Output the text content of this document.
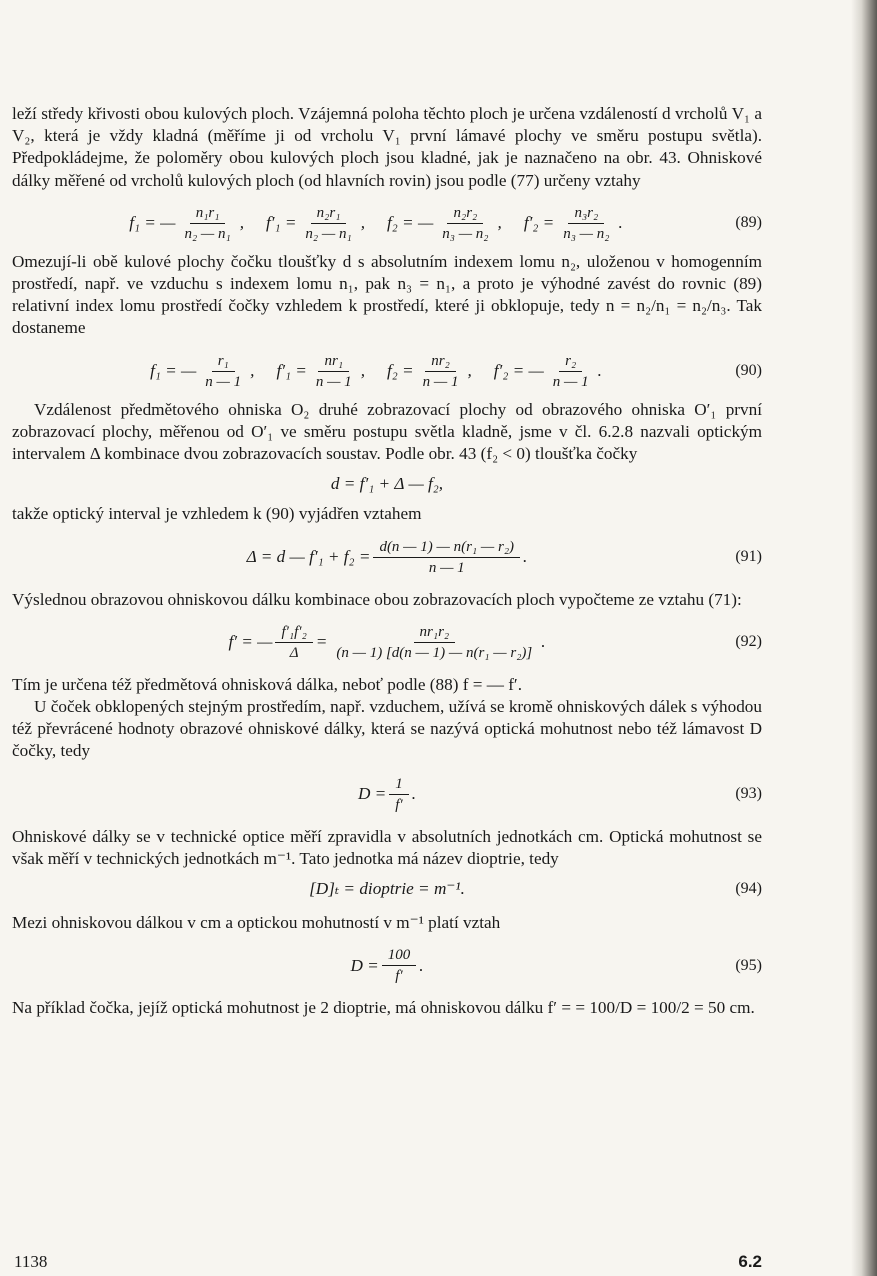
leží středy křivosti obou kulových ploch. Vzájemná poloha těchto ploch je určena vzdáleností d vrcholů V₁ a V₂, která je vždy kladná (měříme ji od vrcholu V₁ první lámavé plochy ve směru postupu světla). Předpokládejme, že poloměry obou kulových ploch jsou kladné, jak je naznačeno na obr. 43. Ohniskové dálky měřené od vrcholů kulových ploch (od hlavních rovin) jsou podle (77) určeny vztahy

f₁ = — $\frac{\text{n₁r₁}}{\text{n₂ — n₁}}$ , $f'_1 = \frac{\text{n₂r₁}}{\text{n₂ — n₁}}$ , f₂ = — $\frac{\text{n₂r₂}}{\text{n₃ — n₂}}$ , $f'_2 = \frac{\text{n₃r₂}}{\text{n₃ — n₂}}$ .	(89)

Omezují-li obě kulové plochy čočku tloušťky d s absolutním indexem lomu n₂, uloženou v homogenním prostředí, např. ve vzduchu s indexem lomu n₁, pak n₃ = n₁, a proto je výhodné zavést do rovnic (89) relativní index lomu prostředí čočky vzhledem k prostředí, které ji obklopuje, tedy n = n₂/n₁ = n₂/n₃. Tak dostaneme

f₁ = — $\frac{\text{r₁}}{n — 1}$ , $f'_1 = \frac{\text{nr₁}}{n — 1}$ , $f_2 = \frac{\text{nr₂}}{n — 1}$ , f′₂ = — $\frac{\text{r₂}}{n — 1}$ .	(90)

Vzdálenost předmětového ohniska O₂ druhé zobrazovací plochy od obrazového ohniska O′₁ první zobrazovací plochy, měřenou od O′₁ ve směru postupu světla kladně, jsme v čl. 6.2.8 nazvali optickým intervalem Δ kombinace dvou zobrazovacích soustav. Podle obr. 43 (f₂ < 0) tloušťka čočky

d = f′₁ + Δ — f₂,

takže optický interval je vzhledem k (90) vyjádřen vztahem

Δ = d — $f'_1 + f_2 = \frac{\text{d(n — 1) — n(r₁ — r₂)}}{n — 1}$ .	(91)

Výslednou obrazovou ohniskovou dálku kombinace obou zobrazovacích ploch vypočteme ze vztahu (71):

f′ = — $\frac{\text{f′₁f′₂}}{\Delta} = \frac{\text{nr₁r₂}}{\text{(n — 1) [d(n — 1) — n(r₁ — r₂)]}}$ .	(92)

Tím je určena též předmětová ohnisková dálka, neboť podle (88) f = — f′.

U čoček obklopených stejným prostředím, např. vzduchem, užívá se kromě ohniskových dálek s výhodou též převrácené hodnoty obrazové ohniskové dálky, která se nazývá optická mohutnost nebo též lámavost D čočky, tedy

$D = \frac{1}{f'}$ .	(93)

Ohniskové dálky se v technické optice měří zpravidla v absolutních jednotkách cm. Optická mohutnost se však měří v technických jednotkách m⁻¹. Tato jednotka má název dioptrie, tedy

[D]ₜ = dioptrie = m⁻¹.	(94)

Mezi ohniskovou dálkou v cm a optickou mohutností v m⁻¹ platí vztah

$D = \frac{100}{f'}$ .	(95)

Na příklad čočka, jejíž optická mohutnost je 2 dioptrie, má ohniskovou dálku f′ = = 100/D = 100/2 = 50 cm.

1138	6.2
